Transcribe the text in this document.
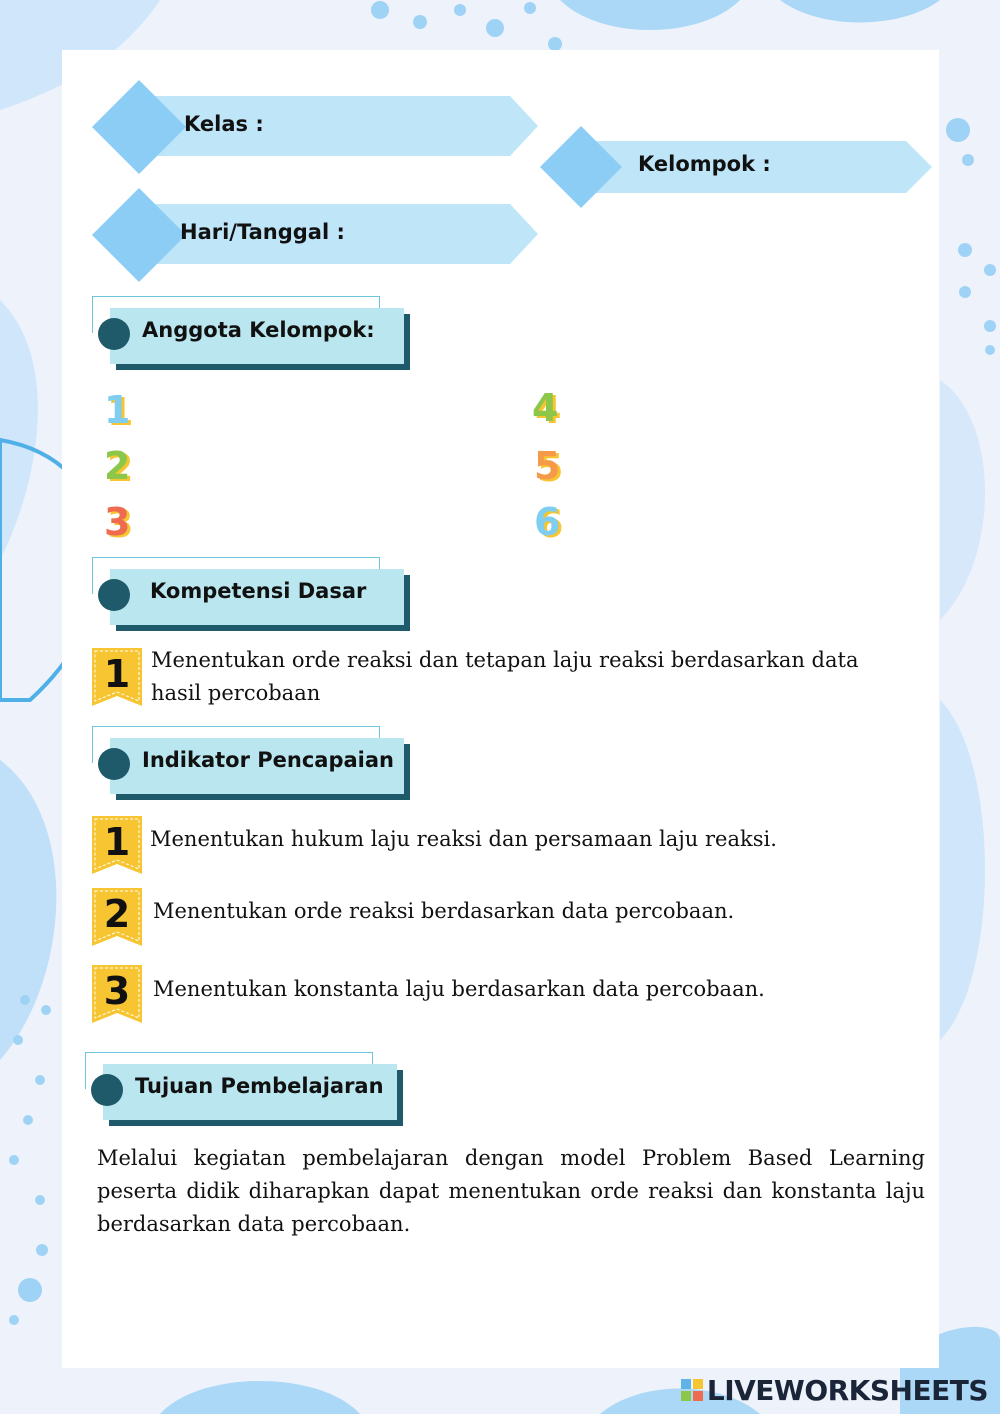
Kelas :
Kelompok :
Hari/Tanggal :
Anggota Kelompok:
1
2
3
4
5
6
Kompetensi Dasar
1 Menentukan orde reaksi dan tetapan laju reaksi berdasarkan data hasil percobaan
Indikator Pencapaian
1 Menentukan hukum laju reaksi dan persamaan laju reaksi.
2	Menentukan orde reaksi berdasarkan data percobaan.
3	Menentukan konstanta laju berdasarkan data percobaan.
Tujuan Pembelajaran
Melalui kegiatan pembelajaran dengan model Problem Based Learning peserta didik diharapkan dapat menentukan orde reaksi dan konstanta laju berdasarkan data percobaan.
LIVEWORKSHEETS
